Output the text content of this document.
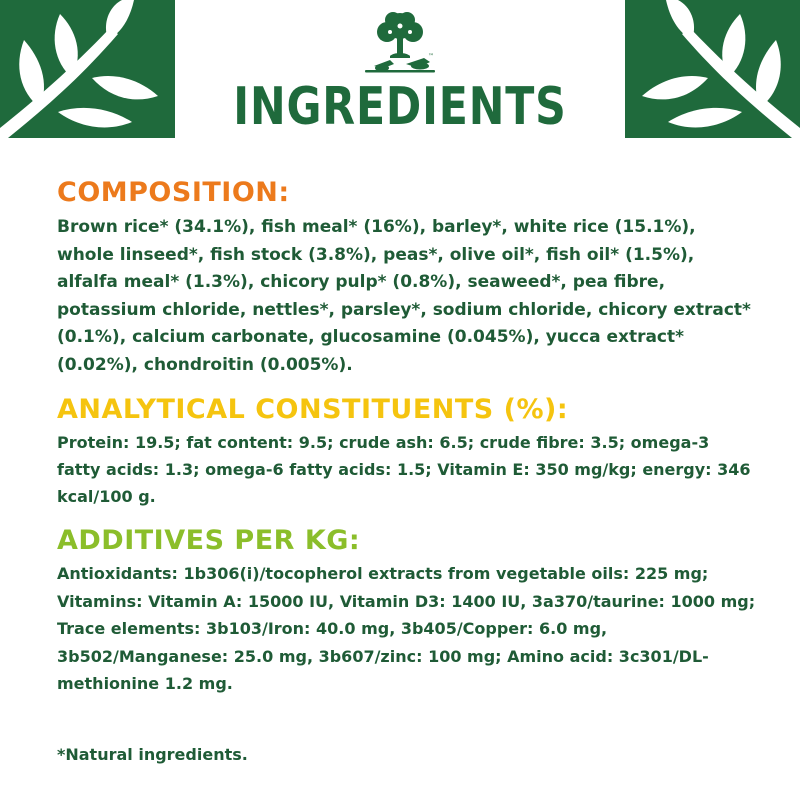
™
INGREDIENTS
COMPOSITION:

Brown rice* (34.1%), fish meal* (16%), barley*, white rice (15.1%), whole linseed*, fish stock (3.8%), peas*, olive oil*, fish oil* (1.5%), alfalfa meal* (1.3%), chicory pulp* (0.8%), seaweed*, pea fibre, potassium chloride, nettles*, parsley*, sodium chloride, chicory extract* (0.1%), calcium carbonate, glucosamine (0.045%), yucca extract* (0.02%), chondroitin (0.005%).

ANALYTICAL CONSTITUENTS (%):

Protein: 19.5; fat content: 9.5; crude ash: 6.5; crude fibre: 3.5; omega-3 fatty acids: 1.3; omega-6 fatty acids: 1.5; Vitamin E: 350 mg/kg; energy: 346 kcal/100 g.

ADDITIVES PER KG:

Antioxidants: 1b306(i)/tocopherol extracts from vegetable oils: 225 mg; Vitamins: Vitamin A: 15000 IU, Vitamin D3: 1400 IU, 3a370/taurine: 1000 mg; Trace elements: 3b103/Iron: 40.0 mg, 3b405/Copper: 6.0 mg, 3b502/Manganese: 25.0 mg, 3b607/zinc: 100 mg; Amino acid: 3c301/DL-methionine 1.2 mg.

*Natural ingredients.
